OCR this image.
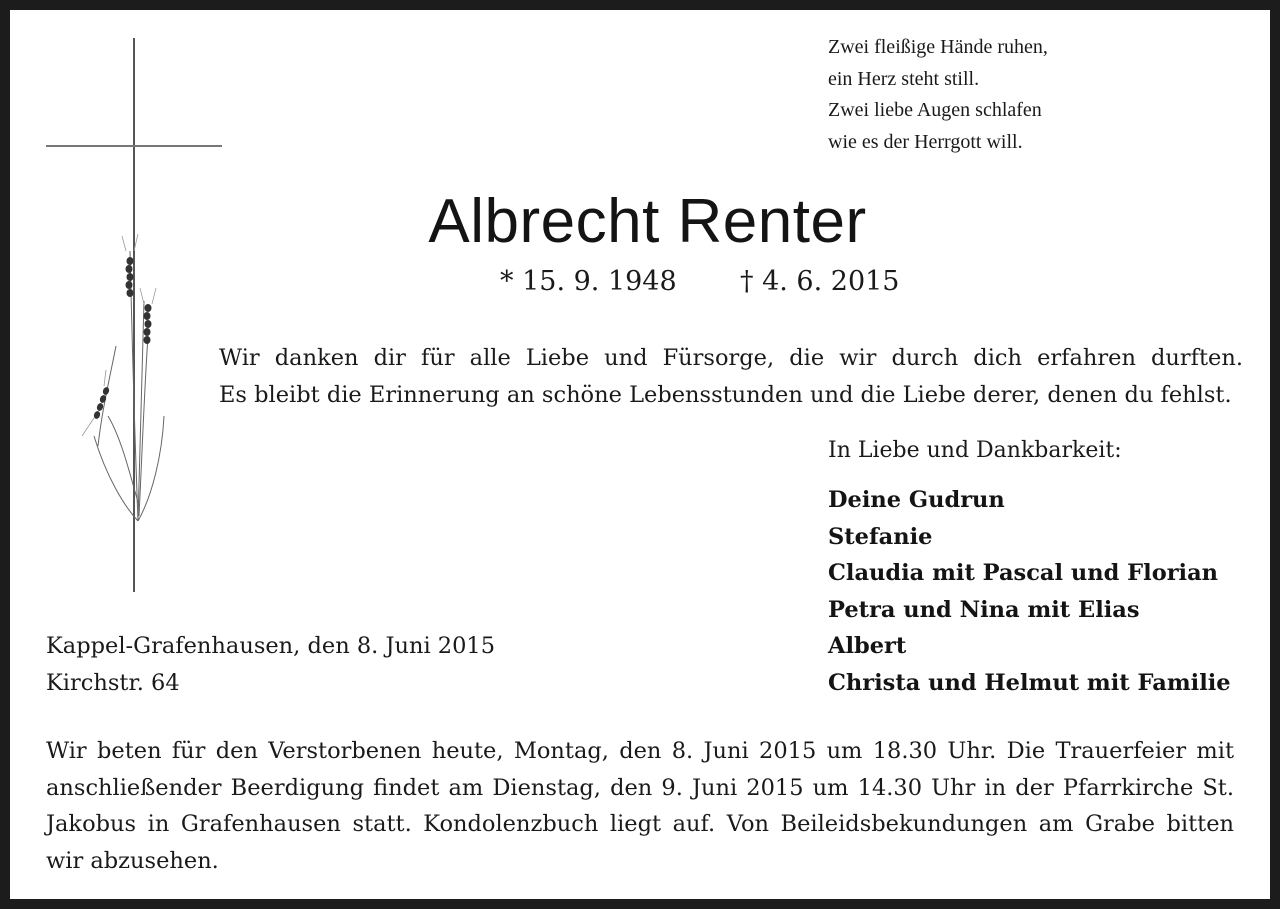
Zwei fleißige Hände ruhen,
ein Herz steht still.
Zwei liebe Augen schlafen
wie es der Herrgott will.
Albrecht Renter
* 15. 9. 1948 † 4. 6. 2015
Wir danken dir für alle Liebe und Fürsorge, die wir durch dich erfahren durften.
Es bleibt die Erinnerung an schöne Lebensstunden und die Liebe derer, denen du fehlst.
In Liebe und Dankbarkeit:
Deine Gudrun
Stefanie
Claudia mit Pascal und Florian
Petra und Nina mit Elias
Albert
Christa und Helmut mit Familie
Kappel-Grafenhausen, den 8. Juni 2015
Kirchstr. 64
Wir beten für den Verstorbenen heute, Montag, den 8. Juni 2015 um 18.30 Uhr. Die Trauerfeier mit
anschließender Beerdigung findet am Dienstag, den 9. Juni 2015 um 14.30 Uhr in der Pfarrkirche St.
Jakobus in Grafenhausen statt. Kondolenzbuch liegt auf. Von Beileidsbekundungen am Grabe bitten
wir abzusehen.
